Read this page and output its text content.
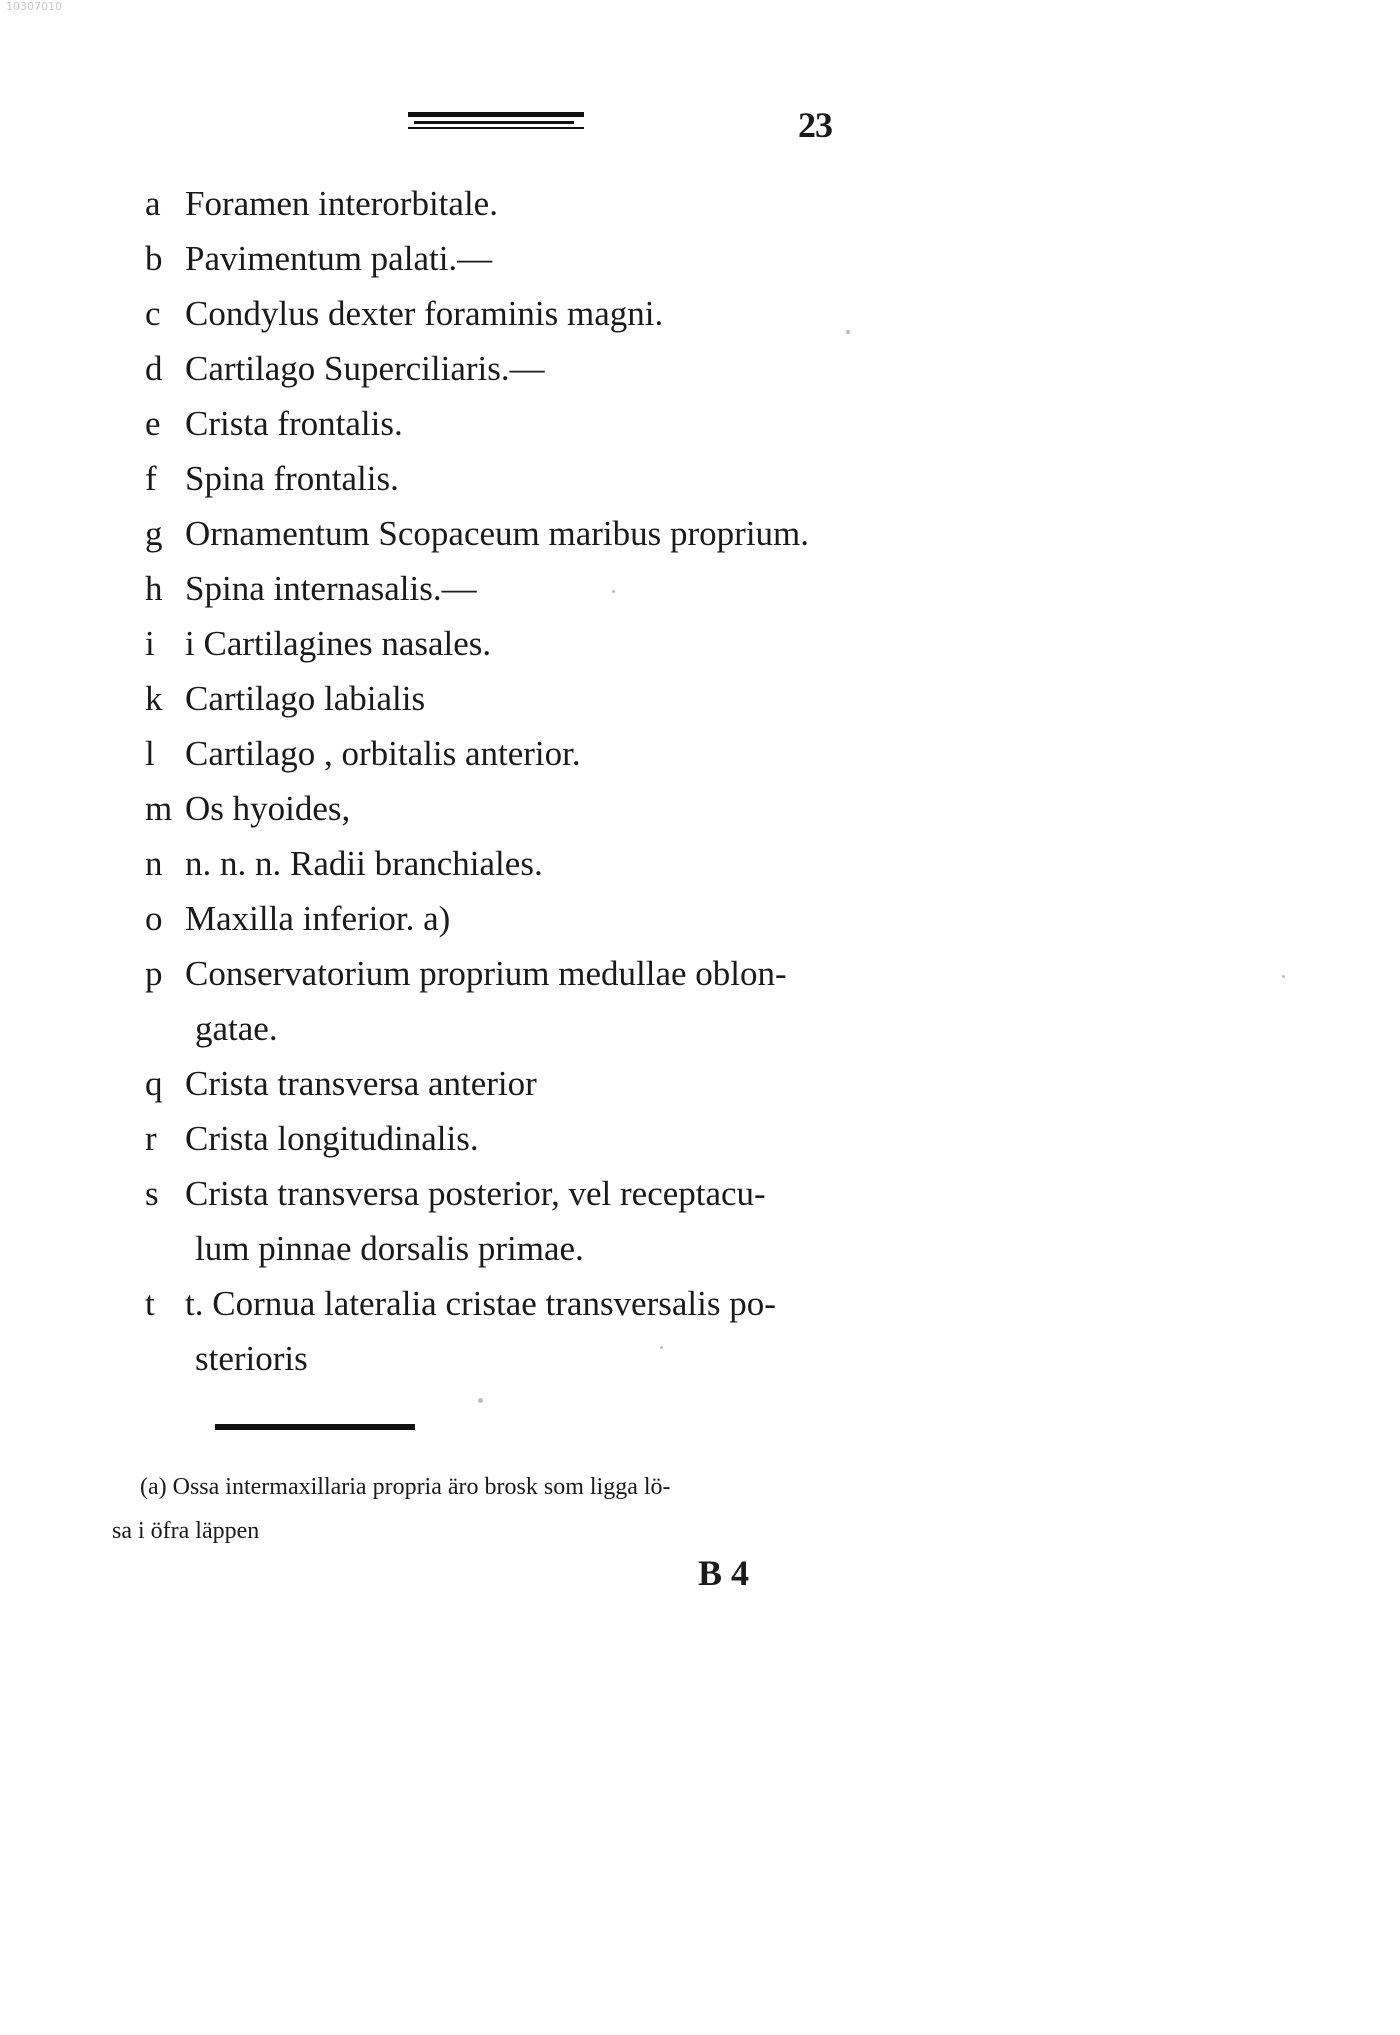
10307010
23
a Foramen interorbitale.
b Pavimentum palati.—
c Condylus dexter foraminis magni.
d Cartilago Superciliaris.—
e Crista frontalis.
f Spina frontalis.
g Ornamentum Scopaceum maribus proprium.
h Spina internasalis.—
i i Cartilagines nasales.
k Cartilago labialis
l Cartilago , orbitalis anterior.
m Os hyoides,
n n. n. n. Radii branchiales.
o Maxilla inferior. a)
p Conservatorium proprium medullae oblon-
gatae.
q Crista transversa anterior
r Crista longitudinalis.
s Crista transversa posterior, vel receptacu-
lum pinnae dorsalis primae.
t t. Cornua lateralia cristae transversalis po-
sterioris
(a) Ossa intermaxillaria propria äro brosk som ligga lö-
sa i öfra läppen
B 4
